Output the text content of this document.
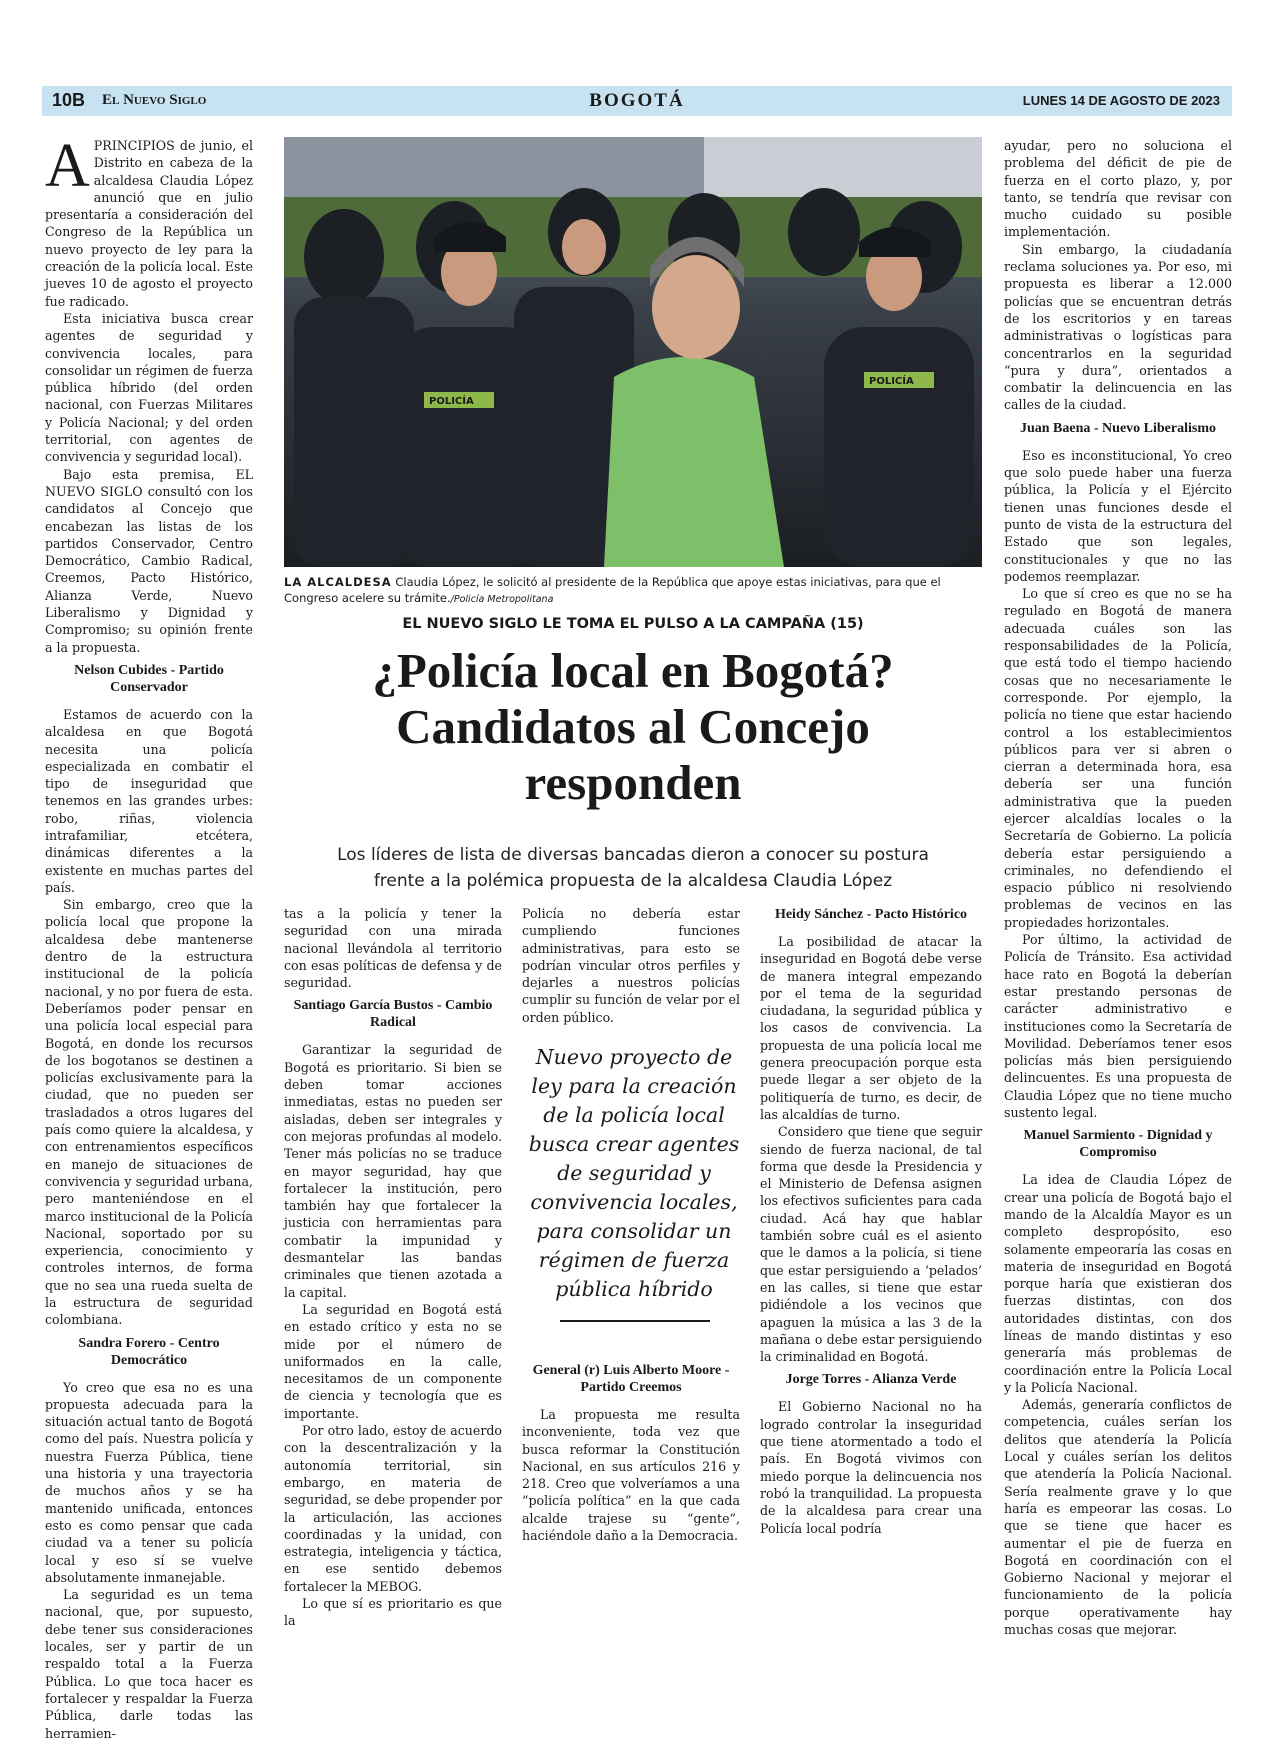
10B El Nuevo Siglo	BOGOTÁ	LUNES 14 DE AGOSTO DE 2023

APRINCIPIOS de junio, el Distrito en cabeza de la alcaldesa Claudia López anunció que en julio presentaría a consideración del Congreso de la República un nuevo proyecto de ley para la creación de la policía local. Este jueves 10 de agosto el proyecto fue radicado.

Esta iniciativa busca crear agentes de seguridad y convivencia locales, para consolidar un régimen de fuerza pública híbrido (del orden nacional, con Fuerzas Militares y Policía Nacional; y del orden territorial, con agentes de convivencia y seguridad local).

Bajo esta premisa, EL NUEVO SIGLO consultó con los candidatos al Concejo que encabezan las listas de los partidos Conservador, Centro Democrático, Cambio Radical, Creemos, Pacto Histórico, Alianza Verde, Nuevo Liberalismo y Dignidad y Compromiso; su opinión frente a la propuesta.

Nelson Cubides - Partido Conservador

Estamos de acuerdo con la alcaldesa en que Bogotá necesita una policía especializada en combatir el tipo de inseguridad que tenemos en las grandes urbes: robo, riñas, violencia intrafamiliar, etcétera, dinámicas diferentes a la existente en muchas partes del país.

Sin embargo, creo que la policía local que propone la alcaldesa debe mantenerse dentro de la estructura institucional de la policía nacional, y no por fuera de esta. Deberíamos poder pensar en una policía local especial para Bogotá, en donde los recursos de los bogotanos se destinen a policías exclusivamente para la ciudad, que no pueden ser trasladados a otros lugares del país como quiere la alcaldesa, y con entrenamientos específicos en manejo de situaciones de convivencia y seguridad urbana, pero manteniéndose en el marco institucional de la Policía Nacional, soportado por su experiencia, conocimiento y controles internos, de forma que no sea una rueda suelta de la estructura de seguridad colombiana.

Sandra Forero - Centro Democrático

Yo creo que esa no es una propuesta adecuada para la situación actual tanto de Bogotá como del país. Nuestra policía y nuestra Fuerza Pública, tiene una historia y una trayectoria de muchos años y se ha mantenido unificada, entonces esto es como pensar que cada ciudad va a tener su policía local y eso sí se vuelve absolutamente inmanejable.

La seguridad es un tema nacional, que, por supuesto, debe tener sus consideraciones locales, ser y partir de un respaldo total a la Fuerza Pública. Lo que toca hacer es fortalecer y respaldar la Fuerza Pública, darle todas las herramien-

POLICÍA
POLICÍA
LA ALCALDESA Claudia López, le solicitó al presidente de la República que apoye estas iniciativas, para que el Congreso acelere su trámite./Policía Metropolitana
EL NUEVO SIGLO LE TOMA EL PULSO A LA CAMPAÑA (15)
¿Policía local en Bogotá?
Candidatos al Concejo
responden
Los líderes de lista de diversas bancadas dieron a conocer su postura
frente a la polémica propuesta de la alcaldesa Claudia López

tas a la policía y tener la seguridad con una mirada nacional llevándola al territorio con esas políticas de defensa y de seguridad.

Santiago García Bustos - Cambio Radical

Garantizar la seguridad de Bogotá es prioritario. Si bien se deben tomar acciones inmediatas, estas no pueden ser aisladas, deben ser integrales y con mejoras profundas al modelo. Tener más policías no se traduce en mayor seguridad, hay que fortalecer la institución, pero también hay que fortalecer la justicia con herramientas para combatir la impunidad y desmantelar las bandas criminales que tienen azotada a la capital.

La seguridad en Bogotá está en estado crítico y esta no se mide por el número de uniformados en la calle, necesitamos de un componente de ciencia y tecnología que es importante.

Por otro lado, estoy de acuerdo con la descentralización y la autonomía territorial, sin embargo, en materia de seguridad, se debe propender por la articulación, las acciones coordinadas y la unidad, con estrategia, inteligencia y táctica, en ese sentido debemos fortalecer la MEBOG.

Lo que sí es prioritario es que la

Policía no debería estar cumpliendo funciones administrativas, para esto se podrían vincular otros perfiles y dejarles a nuestros policías cumplir su función de velar por el orden público.

Nuevo proyecto de ley para la creación de la policía local busca crear agentes de seguridad y convivencia locales, para consolidar un régimen de fuerza pública híbrido
General (r) Luis Alberto Moore - Partido Creemos

La propuesta me resulta inconveniente, toda vez que busca reformar la Constitución Nacional, en sus artículos 216 y 218. Creo que volveríamos a una “policía política” en la que cada alcalde trajese su “gente”, haciéndole daño a la Democracia.

Heidy Sánchez - Pacto Histórico

La posibilidad de atacar la inseguridad en Bogotá debe verse de manera integral empezando por el tema de la seguridad ciudadana, la seguridad pública y los casos de convivencia. La propuesta de una policía local me genera preocupación porque esta puede llegar a ser objeto de la politiquería de turno, es decir, de las alcaldías de turno.

Considero que tiene que seguir siendo de fuerza nacional, de tal forma que desde la Presidencia y el Ministerio de Defensa asignen los efectivos suficientes para cada ciudad. Acá hay que hablar también sobre cuál es el asiento que le damos a la policía, si tiene que estar persiguiendo a ‘pelados’ en las calles, si tiene que estar pidiéndole a los vecinos que apaguen la música a las 3 de la mañana o debe estar persiguiendo la criminalidad en Bogotá.

Jorge Torres - Alianza Verde

El Gobierno Nacional no ha logrado controlar la inseguridad que tiene atormentado a todo el país. En Bogotá vivimos con miedo porque la delincuencia nos robó la tranquilidad. La propuesta de la alcaldesa para crear una Policía local podría

ayudar, pero no soluciona el problema del déficit de pie de fuerza en el corto plazo, y, por tanto, se tendría que revisar con mucho cuidado su posible implementación.

Sin embargo, la ciudadanía reclama soluciones ya. Por eso, mi propuesta es liberar a 12.000 policías que se encuentran detrás de los escritorios y en tareas administrativas o logísticas para concentrarlos en la seguridad “pura y dura”, orientados a combatir la delincuencia en las calles de la ciudad.

Juan Baena - Nuevo Liberalismo

Eso es inconstitucional, Yo creo que solo puede haber una fuerza pública, la Policía y el Ejército tienen unas funciones desde el punto de vista de la estructura del Estado que son legales, constitucionales y que no las podemos reemplazar.

Lo que sí creo es que no se ha regulado en Bogotá de manera adecuada cuáles son las responsabilidades de la Policía, que está todo el tiempo haciendo cosas que no necesariamente le corresponde. Por ejemplo, la policía no tiene que estar haciendo control a los establecimientos públicos para ver si abren o cierran a determinada hora, esa debería ser una función administrativa que la pueden ejercer alcaldías locales o la Secretaría de Gobierno. La policía debería estar persiguiendo a criminales, no defendiendo el espacio público ni resolviendo problemas de vecinos en las propiedades horizontales.

Por último, la actividad de Policía de Tránsito. Esa actividad hace rato en Bogotá la deberían estar prestando personas de carácter administrativo e instituciones como la Secretaría de Movilidad. Deberíamos tener esos policías más bien persiguiendo delincuentes. Es una propuesta de Claudia López que no tiene mucho sustento legal.

Manuel Sarmiento - Dignidad y Compromiso

La idea de Claudia López de crear una policía de Bogotá bajo el mando de la Alcaldía Mayor es un completo despropósito, eso solamente empeoraría las cosas en materia de inseguridad en Bogotá porque haría que existieran dos fuerzas distintas, con dos autoridades distintas, con dos líneas de mando distintas y eso generaría más problemas de coordinación entre la Policía Local y la Policía Nacional.

Además, generaría conflictos de competencia, cuáles serían los delitos que atendería la Policía Local y cuáles serían los delitos que atendería la Policía Nacional. Sería realmente grave y lo que haría es empeorar las cosas. Lo que se tiene que hacer es aumentar el pie de fuerza en Bogotá en coordinación con el Gobierno Nacional y mejorar el funcionamiento de la policía porque operativamente hay muchas cosas que mejorar.
